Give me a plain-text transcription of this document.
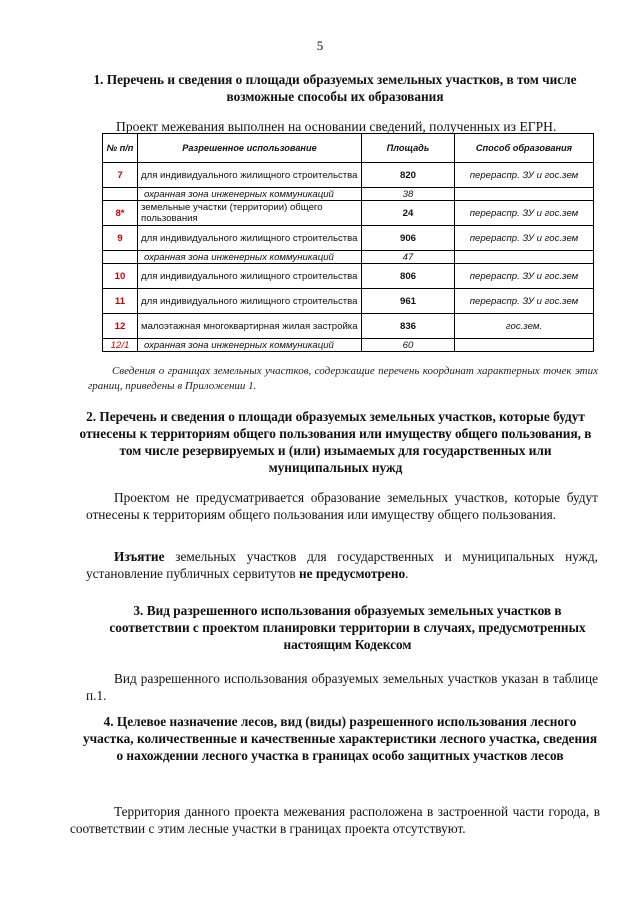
5
1. Перечень и сведения о площади образуемых земельных участков, в том числе возможные способы их образования
Проект межевания выполнен на основании сведений, полученных из ЕГРН.
№ п/п	Разрешенное использование	Площадь	Способ образования
7	для индивидуального жилищного строительства	820	перераспр. ЗУ и гос.зем
	охранная зона инженерных коммуникаций	38	
8*	земельные участки (территории) общего пользования	24	перераспр. ЗУ и гос.зем
9	для индивидуального жилищного строительства	906	перераспр. ЗУ и гос.зем
	охранная зона инженерных коммуникаций	47	
10	для индивидуального жилищного строительства	806	перераспр. ЗУ и гос.зем
11	для индивидуального жилищного строительства	961	перераспр. ЗУ и гос.зем
12	малоэтажная многоквартирная жилая застройка	836	гос.зем.
12/1	охранная зона инженерных коммуникаций	60	
Сведения о границах земельных участков, содержащие перечень координат характерных точек этих границ, приведены в Приложении 1.
2. Перечень и сведения о площади образуемых земельных участков, которые будут отнесены к территориям общего пользования или имуществу общего пользования, в том числе резервируемых и (или) изымаемых для государственных или муниципальных нужд
Проектом не предусматривается образование земельных участков, которые будут отнесены к территориям общего пользования или имуществу общего пользования.
Изъятие земельных участков для государственных и муниципальных нужд, установление публичных сервитутов не предусмотрено.
3. Вид разрешенного использования образуемых земельных участков в соответствии с проектом планировки территории в случаях, предусмотренных настоящим Кодексом
Вид разрешенного использования образуемых земельных участков указан в таблице п.1.
4. Целевое назначение лесов, вид (виды) разрешенного использования лесного участка, количественные и качественные характеристики лесного участка, сведения о нахождении лесного участка в границах особо защитных участков лесов
Территория данного проекта межевания расположена в застроенной части города, в соответствии с этим лесные участки в границах проекта отсутствуют.
